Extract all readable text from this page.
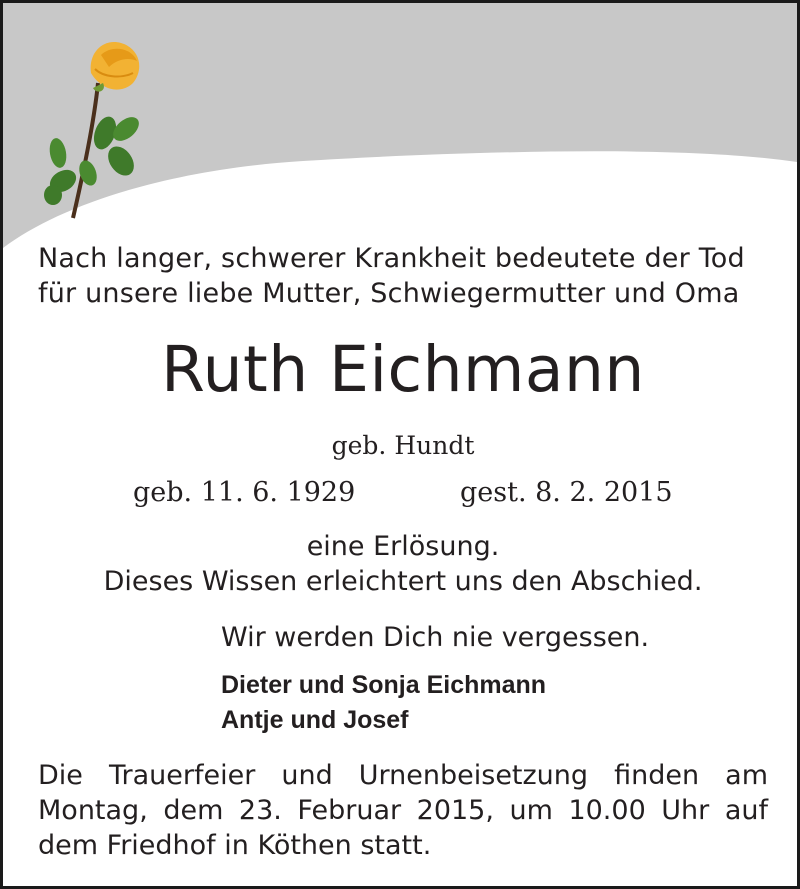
Nach langer, schwerer Krankheit bedeutete der Tod
für unsere liebe Mutter, Schwiegermutter und Oma
Ruth Eichmann
geb. Hundt
geb. 11. 6. 1929	gest. 8. 2. 2015
eine Erlösung.
Dieses Wissen erleichtert uns den Abschied.
Wir werden Dich nie vergessen.
Dieter und Sonja Eichmann
Antje und Josef
Die Trauerfeier und Urnenbeisetzung finden am
Montag, dem 23. Februar 2015, um 10.00 Uhr auf
dem Friedhof in Köthen statt.
